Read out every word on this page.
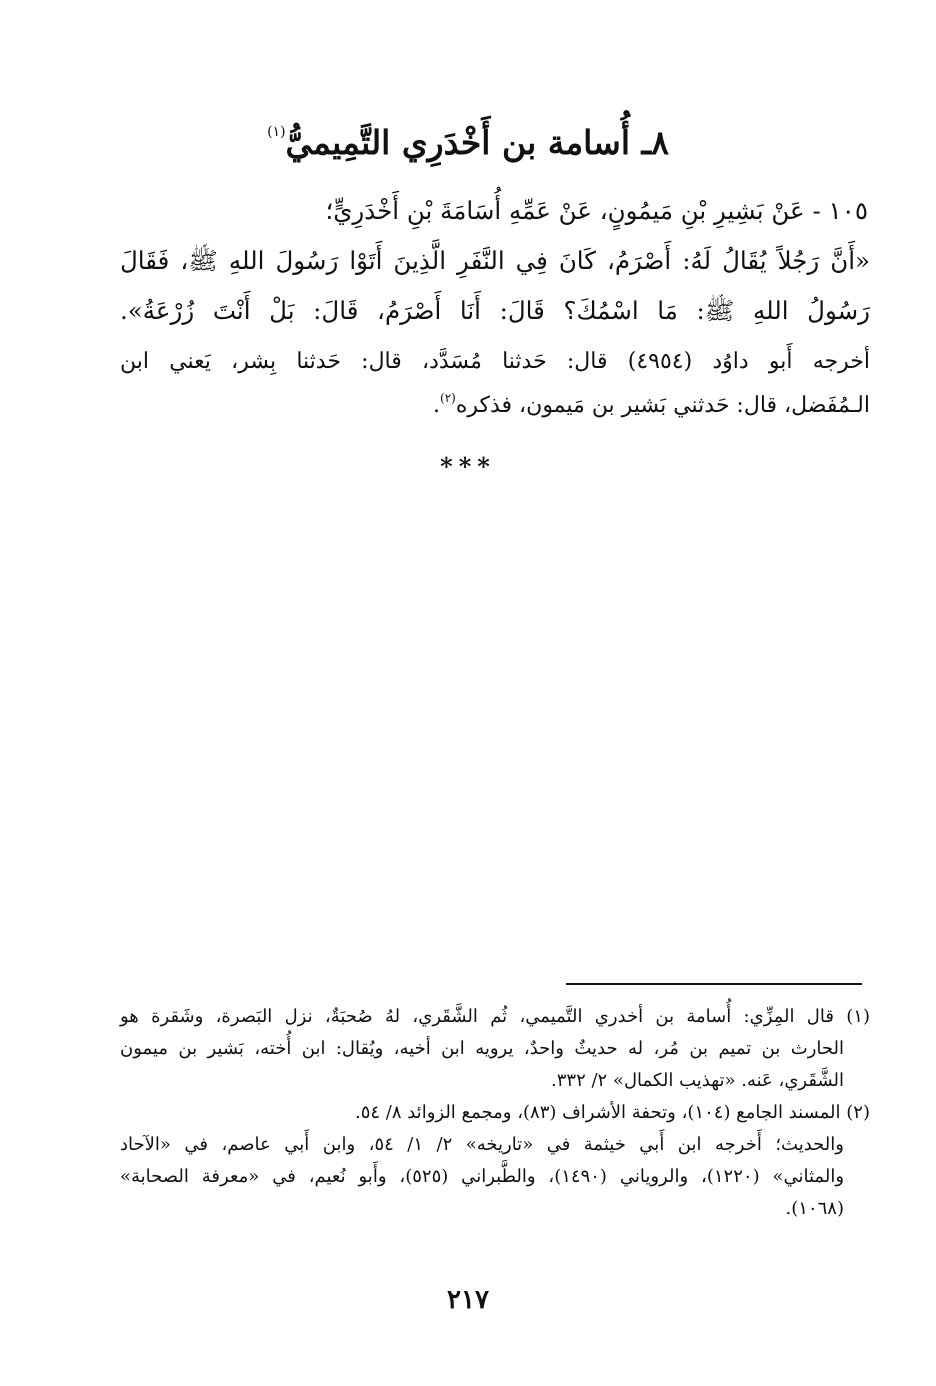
٨ـ أُسامة بن أَخْدَرِي التَّمِيميُّ$^{(١)}$
١٠٥ - عَنْ بَشِيرِ بْنِ مَيمُونٍ، عَنْ عَمِّهِ أُسَامَةَ بْنِ أَخْدَرِيٍّ؛
«أَنَّ رَجُلاً يُقَالُ لَهُ: أَصْرَمُ، كَانَ فِي النَّفَرِ الَّذِينَ أَتَوْا رَسُولَ اللهِ ﷺ، فَقَالَ
رَسُولُ اللهِ ﷺ: مَا اسْمُكَ؟ قَالَ: أَنَا أَصْرَمُ، قَالَ: بَلْ أَنْتَ زُرْعَةُ».
أخرجه أَبو داوُد (٤٩٥٤) قال: حَدثنا مُسَدَّد، قال: حَدثنا بِشر، يَعني ابن
الـمُفَضل، قال: حَدثني بَشير بن مَيمون، فذكره$^{(٢)}$.
***
(١) قال المِزِّي: أُسامة بن أخدري التَّميمي، ثُم الشَّقَري، لهُ صُحبَةٌ، نزل البَصرة، وشَقرة هو
الحارث بن تميم بن مُر، له حديثٌ واحدٌ، يرويه ابن أخيه، ويُقال: ابن أُخته، بَشير بن ميمون
الشَّقَري، عَنه. «تهذيب الكمال» ٢/ ٣٣٢.
(٢) المسند الجامع (١٠٤)، وتحفة الأشراف (٨٣)، ومجمع الزوائد ٨/ ٥٤.
والحديث؛ أَخرجه ابن أَبي خيثمة في «تاريخه» ٢/ ١/ ٥٤، وابن أَبي عاصم، في «الآحاد
والمثاني» (١٢٢٠)، والروياني (١٤٩٠)، والطَّبراني (٥٢٥)، وأَبو نُعيم، في «معرفة الصحابة»
(١٠٦٨).
٢١٧
